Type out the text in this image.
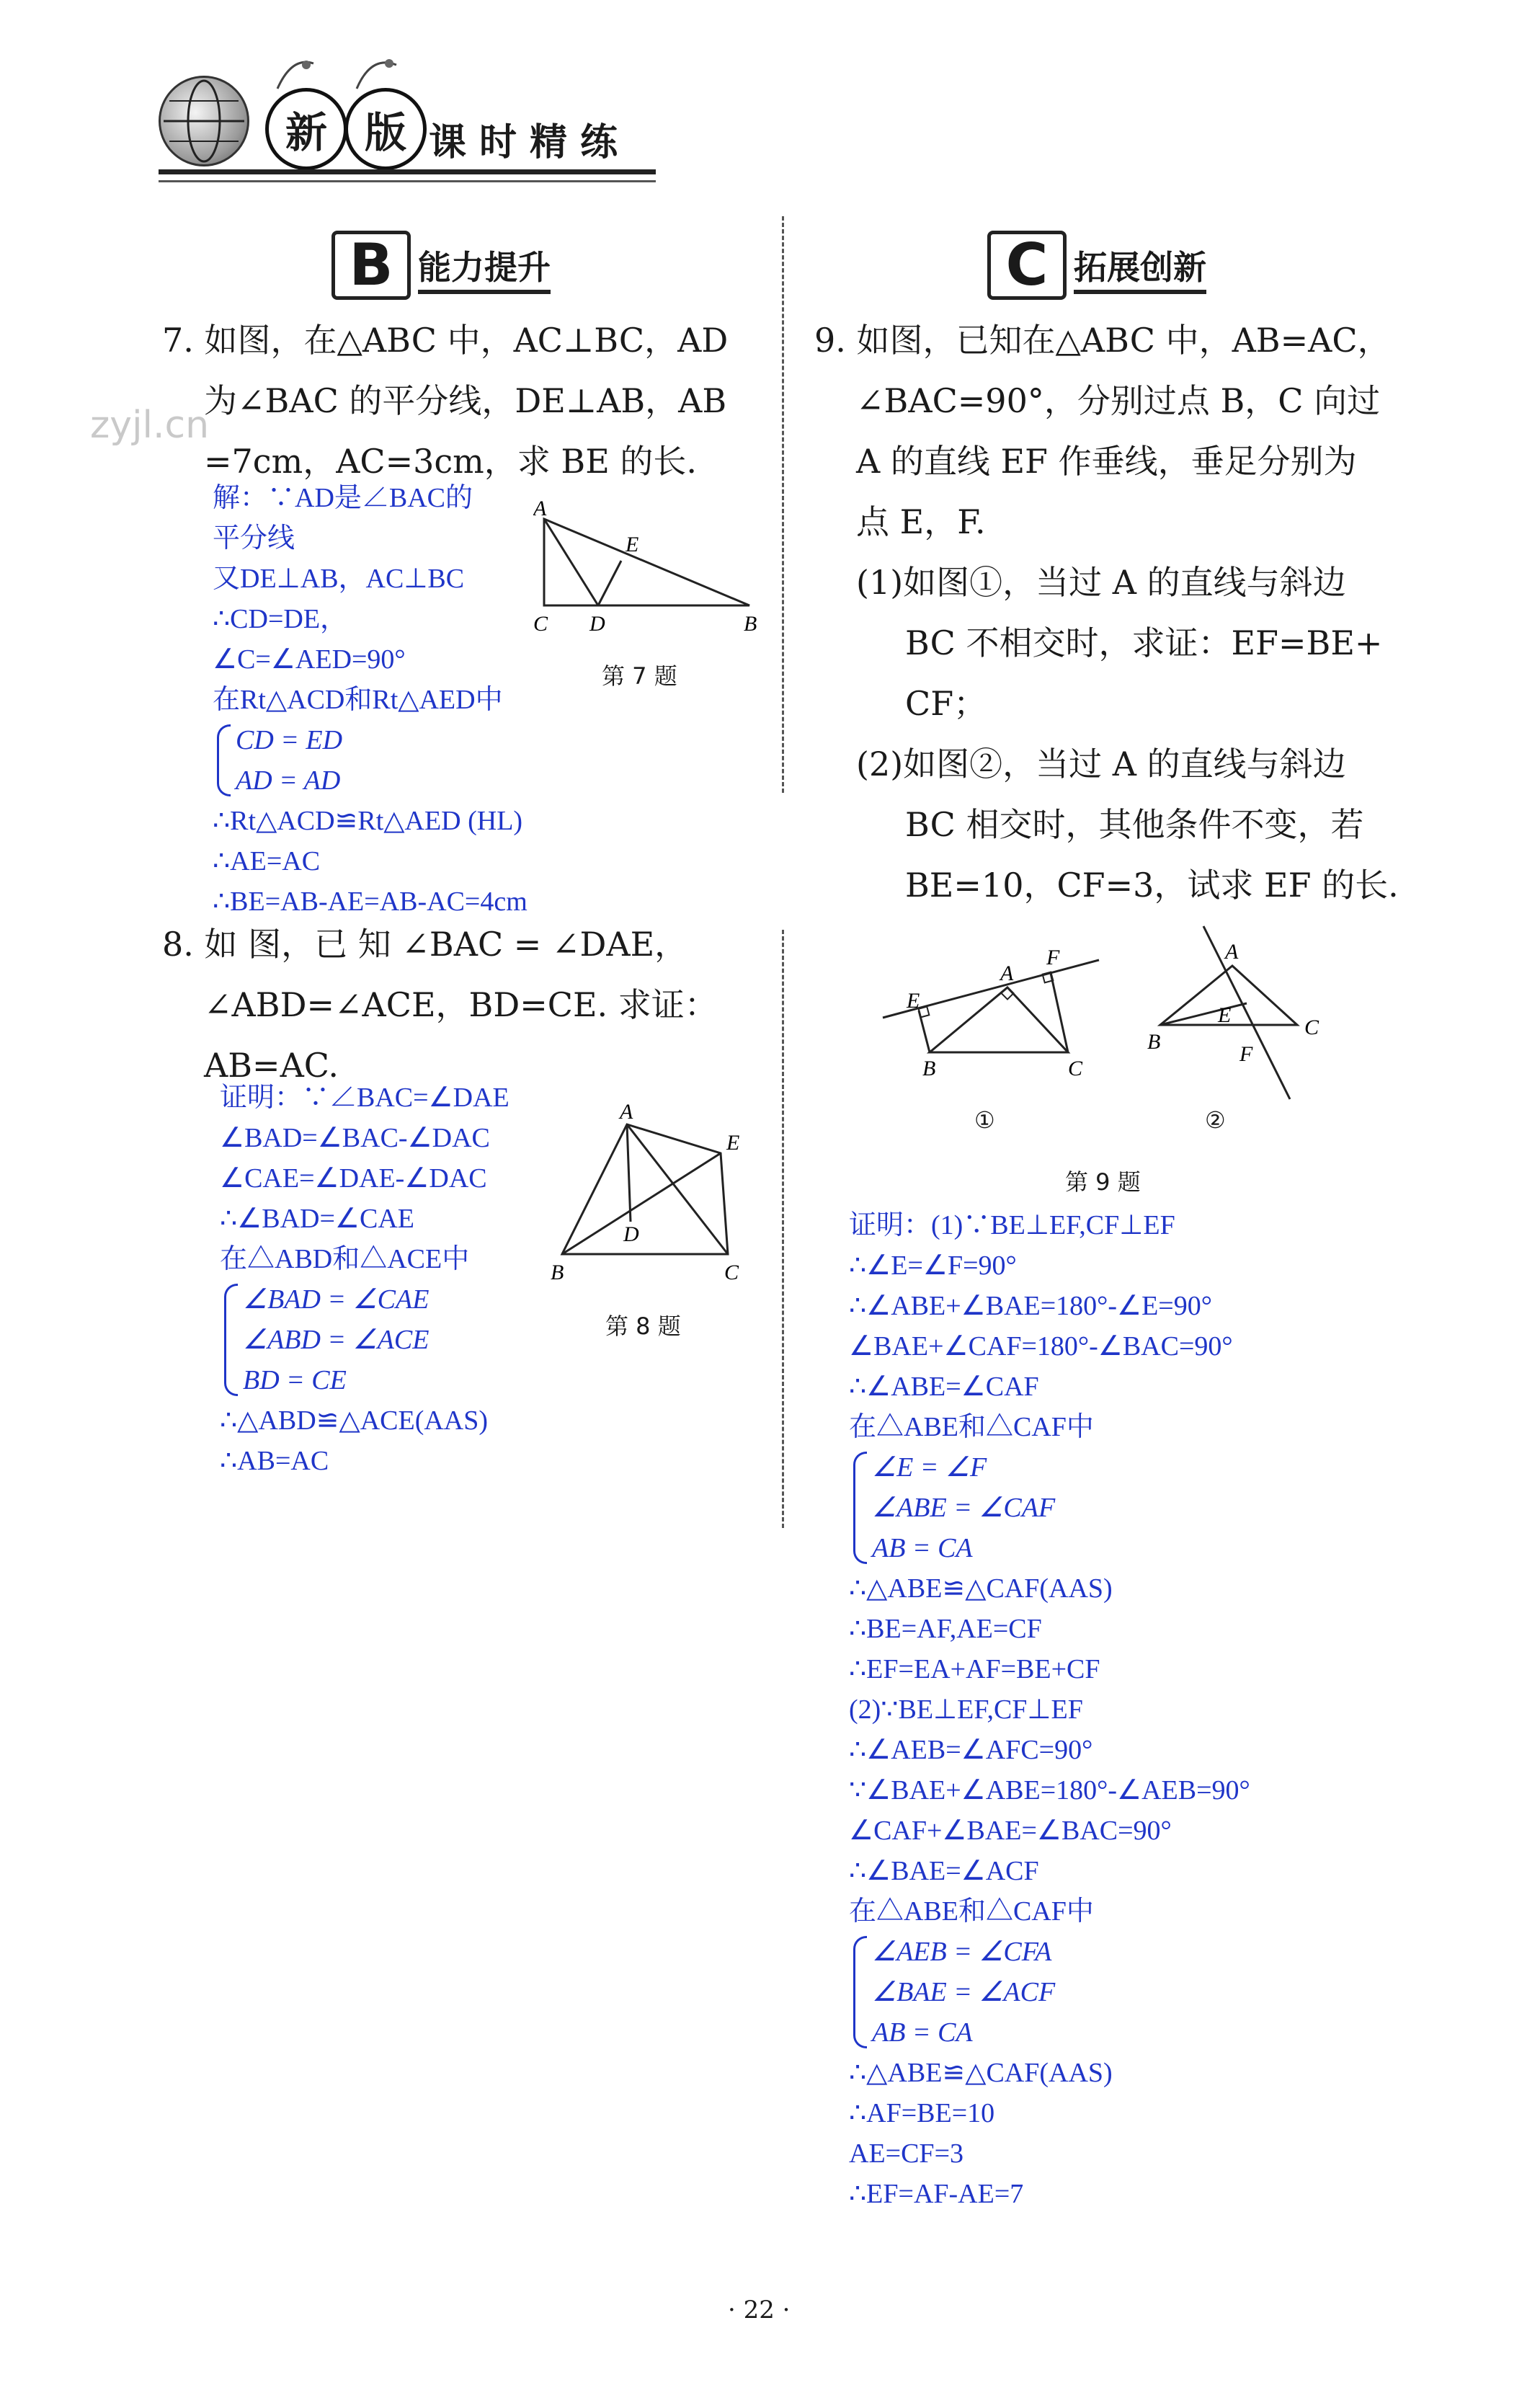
新 版 课时精练
zyjl.cn
B 能力提升	C 拓展创新
7. 如图，在△ABC 中，AC⊥BC，AD
为∠BAC 的平分线，DE⊥AB，AB
=7cm，AC=3cm，求 BE 的长.
解：∵AD是∠BAC的
平分线
又DE⊥AB，AC⊥BC
∴CD=DE，
∠C=∠AED=90°
在Rt△ACD和Rt△AED中
CD = ED
AD = AD
∴Rt△ACD≌Rt△AED (HL)
∴AE=AC
∴BE=AB-AE=AB-AC=4cm
A
E
C D	B
第 7 题
8. 如 图，已 知 ∠BAC = ∠DAE，
∠ABD=∠ACE，BD=CE. 求证：
AB=AC.
证明：∵∠BAC=∠DAE
∠BAD=∠BAC-∠DAC
∠CAE=∠DAE-∠DAC
∴∠BAD=∠CAE
在△ABD和△ACE中
∠BAD = ∠CAE
∠ABD = ∠ACE
BD = CE
∴△ABD≌△ACE(AAS)
∴AB=AC
A
E
D
B	C
第 8 题
9. 如图，已知在△ABC 中，AB=AC，
∠BAC=90°，分别过点 B，C 向过
A 的直线 EF 作垂线，垂足分别为
点 E，F.
(1)如图①，当过 A 的直线与斜边
BC 不相交时，求证：EF=BE+
CF；
(2)如图②，当过 A 的直线与斜边
BC 相交时，其他条件不变，若
BE=10，CF=3，试求 EF 的长.
E
A
F
B	C
①
A
E
B
F
C
②
第 9 题
证明：(1)∵BE⊥EF,CF⊥EF
∴∠E=∠F=90°
∴∠ABE+∠BAE=180°-∠E=90°
∠BAE+∠CAF=180°-∠BAC=90°
∴∠ABE=∠CAF
在△ABE和△CAF中
∠E = ∠F
∠ABE = ∠CAF
AB = CA
∴△ABE≌△CAF(AAS)
∴BE=AF,AE=CF
∴EF=EA+AF=BE+CF
(2)∵BE⊥EF,CF⊥EF
∴∠AEB=∠AFC=90°
∵∠BAE+∠ABE=180°-∠AEB=90°
∠CAF+∠BAE=∠BAC=90°
∴∠BAE=∠ACF
在△ABE和△CAF中
∠AEB = ∠CFA
∠BAE = ∠ACF
AB = CA
∴△ABE≌△CAF(AAS)
∴AF=BE=10
AE=CF=3
∴EF=AF-AE=7
· 22 ·
